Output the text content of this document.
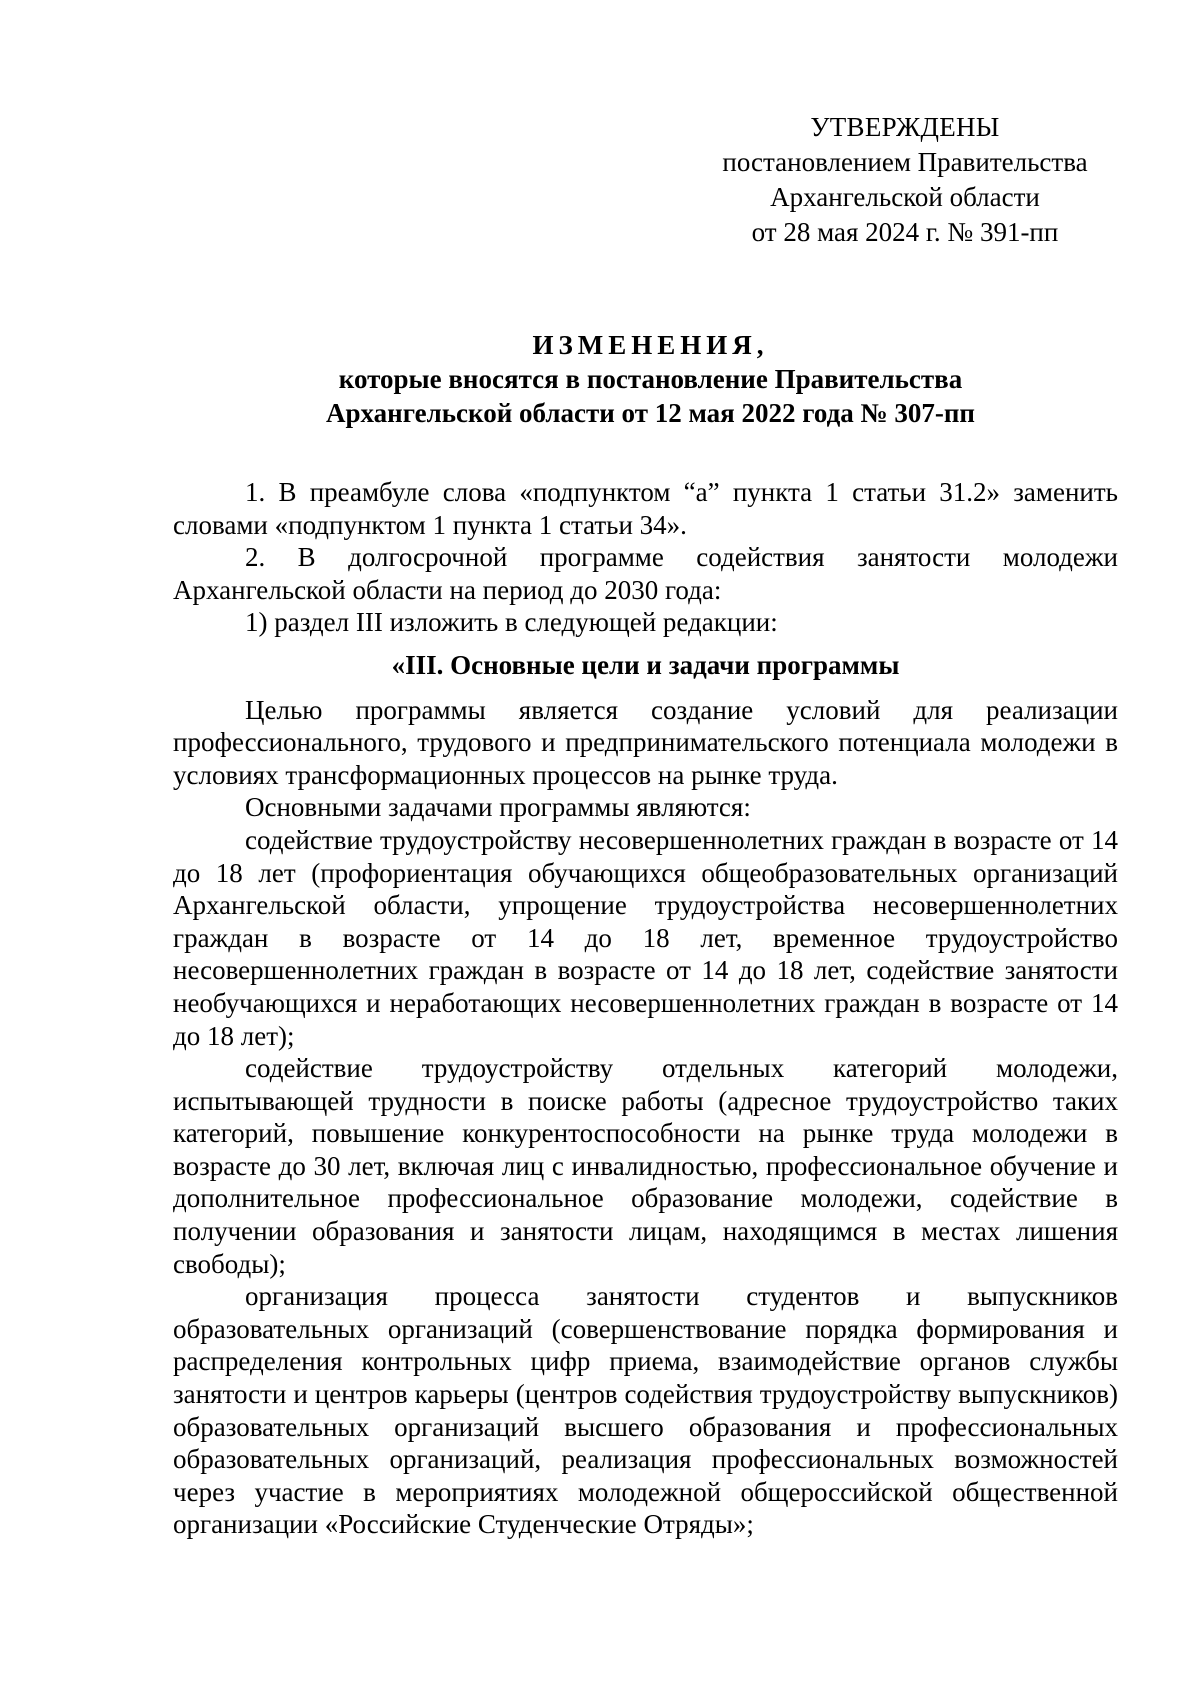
УТВЕРЖДЕНЫ
постановлением Правительства
Архангельской области
от 28 мая 2024 г. № 391-пп
ИЗМЕНЕНИЯ,
которые вносятся в постановление Правительства
Архангельской области от 12 мая 2022 года № 307-пп

1. В преамбуле слова «подпунктом “а” пункта 1 статьи 31.2» заменить словами «подпунктом 1 пункта 1 статьи 34».

2. В долгосрочной программе содействия занятости молодежи Архангельской области на период до 2030 года:

1) раздел III изложить в следующей редакции:

«III. Основные цели и задачи программы

Целью программы является создание условий для реализации профессионального, трудового и предпринимательского потенциала молодежи в условиях трансформационных процессов на рынке труда.

Основными задачами программы являются:

содействие трудоустройству несовершеннолетних граждан в возрасте от 14 до 18 лет (профориентация обучающихся общеобразовательных организаций Архангельской области, упрощение трудоустройства несовершеннолетних граждан в возрасте от 14 до 18 лет, временное трудоустройство несовершеннолетних граждан в возрасте от 14 до 18 лет, содействие занятости необучающихся и неработающих несовершеннолетних граждан в возрасте от 14 до 18 лет);

содействие трудоустройству отдельных категорий молодежи, испытывающей трудности в поиске работы (адресное трудоустройство таких категорий, повышение конкурентоспособности на рынке труда молодежи в возрасте до 30 лет, включая лиц с инвалидностью, профессиональное обучение и дополнительное профессиональное образование молодежи, содействие в получении образования и занятости лицам, находящимся в местах лишения свободы);

организация процесса занятости студентов и выпускников образовательных организаций (совершенствование порядка формирования и распределения контрольных цифр приема, взаимодействие органов службы занятости и центров карьеры (центров содействия трудоустройству выпускников) образовательных организаций высшего образования и профессиональных образовательных организаций, реализация профессиональных возможностей через участие в мероприятиях молодежной общероссийской общественной организации «Российские Студенческие Отряды»;
